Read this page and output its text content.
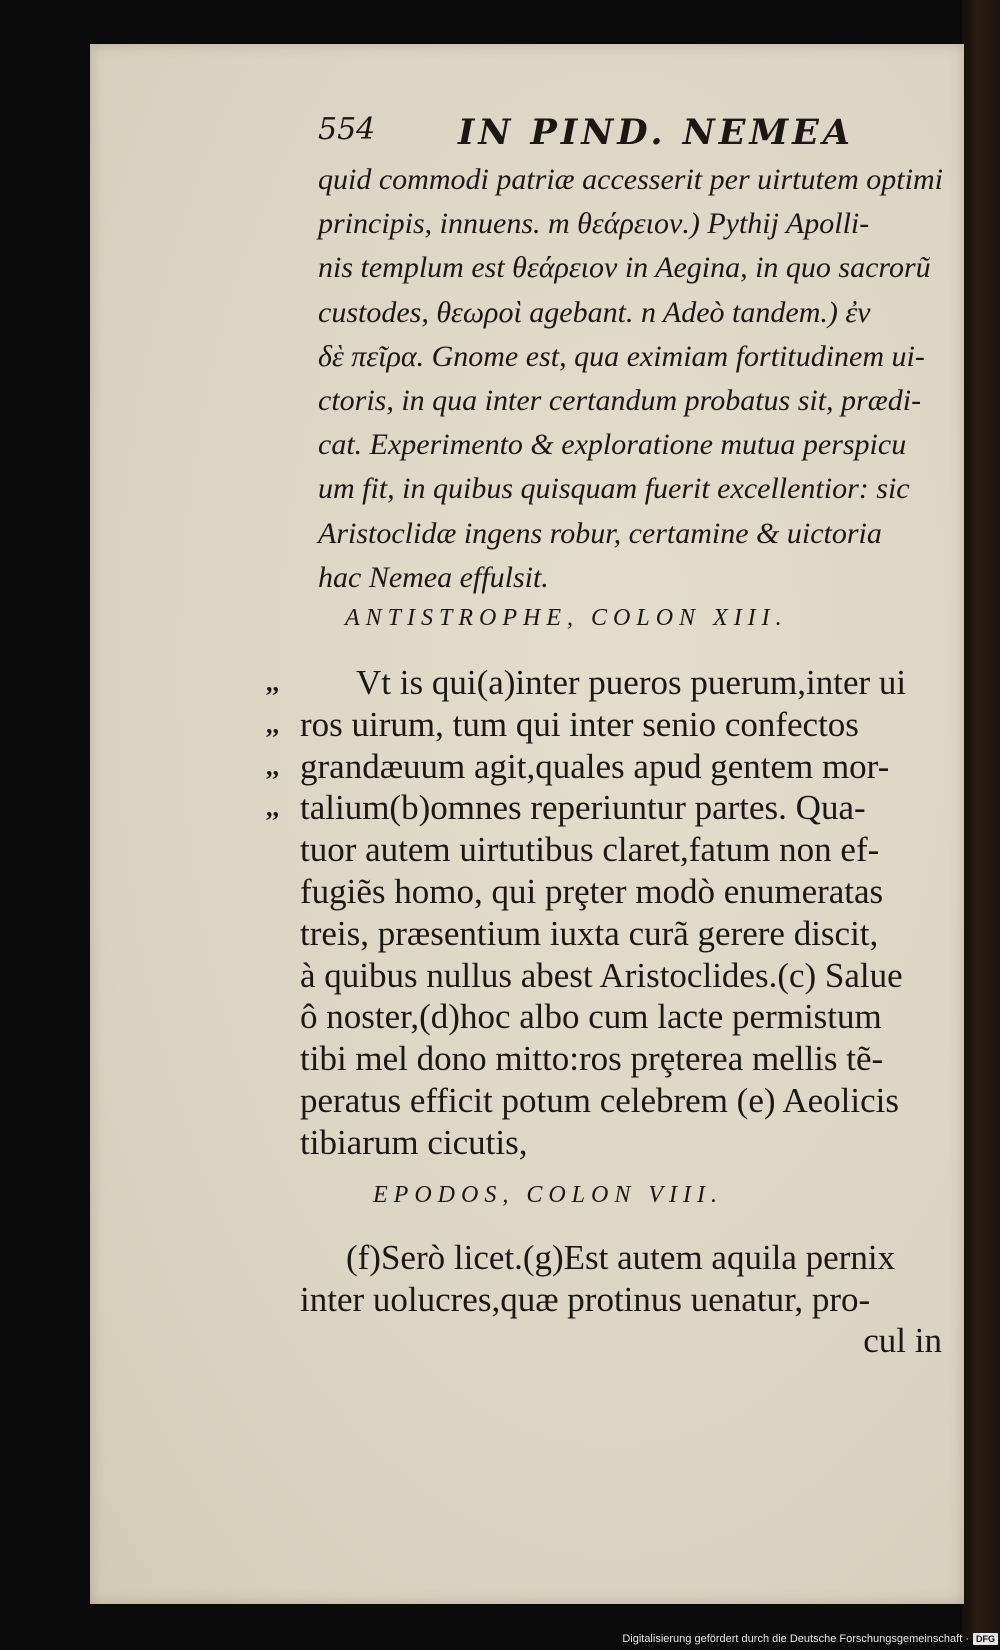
554 IN PIND. NEMEA
quid commodi patriæ accesserit per uirtutem optimi
principis, innuens. m θεάρειον.) Pythij Apolli-
nis templum est θεάρειον in Aegina, in quo sacrorũ
custodes, θεωροὶ agebant. n Adeò tandem.) ἐν
δὲ πεῖρα. Gnome est, qua eximiam fortitudinem ui-
ctoris, in qua inter certandum probatus sit, prædi-
cat. Experimento & exploratione mutua perspicu
um fit, in quibus quisquam fuerit excellentior: sic
Aristoclidæ ingens robur, certamine & uictoria
hac Nemea effulsit.
ANTISTROPHE, COLON XIII.
,,
,,
,,
,,
Vt is qui(a)inter pueros puerum,inter ui
ros uirum, tum qui inter senio confectos
grandæuum agit,quales apud gentem mor-
talium(b)omnes reperiuntur partes. Qua-
tuor autem uirtutibus claret,fatum non ef-
fugiẽs homo, qui prȩter modò enumeratas
treis, præsentium iuxta curã gerere discit,
à quibus nullus abest Aristoclides.(c) Salue
ô noster,(d)hoc albo cum lacte permistum
tibi mel dono mitto:ros prȩterea mellis tẽ-
peratus efficit potum celebrem (e) Aeolicis
tibiarum cicutis,
EPODOS, COLON VIII.
(f)Serò licet.(g)Est autem aquila pernix
inter uolucres,quæ protinus uenatur, pro-
cul in
Digitalisierung gefördert durch die Deutsche Forschungsgemeinschaft · DFG
